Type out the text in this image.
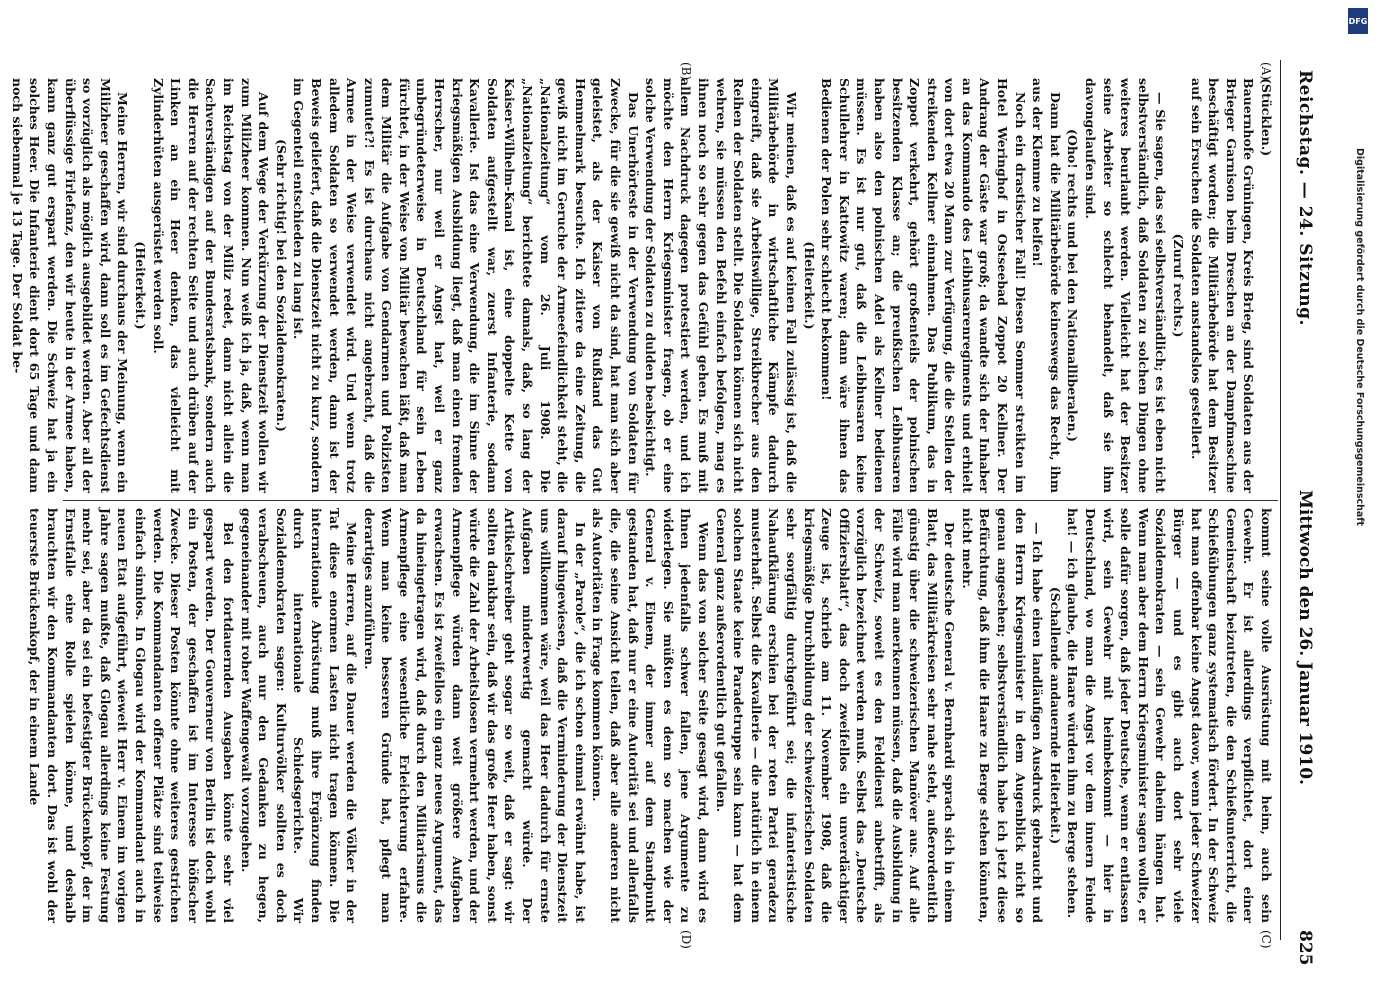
Reichstag. — 24. Sitzung.
Mittwoch den 26. Januar 1910.
825
(A)
(B)
(C)
(D)

(Stücklen.)

Bauernhofe Grüningen, Kreis Brieg, sind Soldaten aus der Brieger Garnison beim Dreschen an der Dampfmaschine beschäftigt worden; die Militärbehörde hat dem Besitzer auf sein Ersuchen die Soldaten anstandslos gestellert.

(Zuruf rechts.)

— Sie sagen, das sei selbstverständlich; es ist eben nicht selbstverständlich, daß Soldaten zu solchen Dingen ohne weiteres beurlaubt werden. Vielleicht hat der Besitzer seine Arbeiter so schlecht behandelt, daß sie ihm davongelaufen sind.

(Oho! rechts und bei den Nationalliberalen.)

Dann hat die Militärbehörde keineswegs das Recht, ihm aus der Klemme zu helfen!

Noch ein drastischer Fall! Diesen Sommer streikten im Hotel Weringhof in Ostseebad Zoppot 20 Kellner. Der Andrang der Gäste war groß; da wandte sich der Inhaber an das Kommando des Leibhusarenregiments und erhielt von dort etwa 20 Mann zur Verfügung, die die Stellen der streikenden Kellner einnahmen. Das Publikum, das in Zoppot verkehrt, gehört großenteils der polnischen besitzenden Klasse an; die preußischen Leibhusaren haben also den polnischen Adel als Kellner bedienen müssen. Es ist nur gut, daß die Leibhusaren keine Schullehrer in Kattowitz waren; dann wäre ihnen das Bedienen der Polen sehr schlecht bekommen!

(Heiterkeit.)

Wir meinen, daß es auf keinen Fall zulässig ist, daß die Militärbehörde in wirtschaftliche Kämpfe dadurch eingreift, daß sie Arbeitswillige, Streikbrecher aus den Reihen der Soldaten stellt. Die Soldaten können sich nicht wehren, sie müssen den Befehl einfach befolgen, mag es ihnen noch so sehr gegen das Gefühl gehen. Es muß mit allem Nachdruck dagegen protestiert werden, und ich möchte den Herrn Kriegsminister fragen, ob er eine solche Verwendung der Soldaten zu dulden beabsichtigt.

Das Unerhörteste in der Verwendung von Soldaten für Zwecke, für die sie gewiß nicht da sind, hat man sich aber geleistet, als der Kaiser von Rußland das Gut Hemmelmark besuchte. Ich zitiere da eine Zeitung, die gewiß nicht im Geruche der Armeefeindlichkeit steht, die „Nationalzeitung“ vom 26. Juli 1908. Die „Nationalzeitung“ berichtete damals, daß, so lang der Kaiser-Wilhelm-Kanal ist, eine doppelte Kette von Soldaten aufgestellt war, zuerst Infanterie, sodann Kavallerie. Ist das eine Verwendung, die im Sinne der kriegsmäßigen Ausbildung liegt, daß man einen fremden Herrscher, nur weil er Angst hat, weil er ganz unbegründeterweise in Deutschland für sein Leben fürchtet, in der Weise von Militär bewachen läßt, daß man dem Militär die Aufgabe von Gendarmen und Polizisten zumutet?! Es ist durchaus nicht angebracht, daß die Armee in der Weise verwendet wird. Und wenn trotz alledem Soldaten so verwendet werden, dann ist der Beweis geliefert, daß die Dienstzeit nicht zu kurz, sondern im Gegenteil entschieden zu lang ist.

(Sehr richtig! bei den Sozialdemokraten.)

Auf dem Wege der Verkürzung der Dienstzeit wollen wir zum Milizheer kommen. Nun weiß ich ja, daß, wenn man im Reichstag von der Miliz redet, dann nicht allein die Sachverständigen auf der Bundesratsbank, sondern auch die Herren auf der rechten Seite und auch drüben auf der Linken an ein Heer denken, das vielleicht mit Zylinderhüten ausgerüstet werden soll.

(Heiterkeit.)

Meine Herren, wir sind durchaus der Meinung, wenn ein Milizheer geschaffen wird, dann soll es im Gefechtsdienst so vorzüglich als möglich ausgebildet werden. Aber all der überflüssige Firlefanz, den wir heute in der Armee haben, kann ganz gut erspart werden. Die Schweiz hat ja ein solches Heer. Die Infanterie dient dort 65 Tage und dann noch siebenmal je 13 Tage. Der Soldat be-

kommt seine volle Ausrüstung mit heim, auch sein Gewehr. Er ist allerdings verpflichtet, dort einer Gemeinschaft beizutreten, die den Schießunterricht, die Schießübungen ganz systematisch fördert. In der Schweiz hat man offenbar keine Angst davor, wenn jeder Schweizer Bürger — und es gibt auch dort sehr viele Sozialdemokraten — sein Gewehr daheim hängen hat. Wenn man aber dem Herrn Kriegsminister sagen wollte, er solle dafür sorgen, daß jeder Deutsche, wenn er entlassen wird, sein Gewehr mit heimbekommt — hier in Deutschland, wo man die Angst vor dem innern Feinde hat! — ich glaube, die Haare würden ihm zu Berge stehen.

(Schallende andauernde Heiterkeit.)

— Ich habe einen landläufigen Ausdruck gebraucht und den Herrn Kriegsminister in dem Augenblick nicht so genau angesehen; selbstverständlich habe ich jetzt diese Befürchtung, daß ihm die Haare zu Berge stehen könnten, nicht mehr.

Der deutsche General v. Bernhardi sprach sich in einem Blatt, das Militärkreisen sehr nahe steht, außerordentlich günstig über die schweizerischen Manöver aus. Auf alle Fälle wird man anerkennen müssen, daß die Ausbildung in der Schweiz, soweit es den Felddienst anbetrifft, als vorzüglich bezeichnet werden muß. Selbst das „Deutsche Offiziersblatt“, das doch zweifellos ein unverdächtiger Zeuge ist, schrieb am 11. November 1908, daß die kriegsmäßige Durchbildung der schweizerischen Soldaten sehr sorgfältig durchgeführt sei; die infanteristische Nahaufklärung erschien bei der roten Partei geradezu musterhaft. Selbst die Kavallerie — die natürlich in einem solchen Staate keine Paradetruppe sein kann — hat dem General ganz außerordentlich gut gefallen.

Wenn das von solcher Seite gesagt wird, dann wird es Ihnen jedenfalls schwer fallen, jene Argumente zu widerlegen. Sie müßten es denn so machen wie der General v. Einem, der immer auf dem Standpunkt gestanden hat, daß nur er eine Autorität sei und allenfalls die, die seine Ansicht teilen, daß aber alle anderen nicht als Autoritäten in Frage kommen können.

In der „Parole“, die ich schon einmal erwähnt habe, ist darauf hingewiesen, daß die Verminderung der Dienstzeit uns willkommen wäre, weil das Heer dadurch für ernste Aufgaben minderwertig gemacht würde. Der Artikelschreiber geht sogar so weit, daß er sagt: wir sollten dankbar sein, daß wir das große Heer haben, sonst würde die Zahl der Arbeitslosen vermehrt werden, und der Armenpflege würden dann weit größere Aufgaben erwachsen. Es ist zweifellos ein ganz neues Argument, das da hineingetragen wird, daß durch den Militarismus die Armenpflege eine wesentliche Erleichterung erfahre. Wenn man keine besseren Gründe hat, pflegt man derartiges anzuführen.

Meine Herren, auf die Dauer werden die Völker in der Tat diese enormen Lasten nicht tragen können. Die internationale Abrüstung muß ihre Ergänzung finden durch internationale Schiedsgerichte. Wir Sozialdemokraten sagen: Kulturvölker sollten es doch verabscheuen, auch nur den Gedanken zu hegen, gegeneinander mit roher Waffengewalt vorzugehen.

Bei den fortdauernden Ausgaben könnte sehr viel gespart werden. Der Gouverneur von Berlin ist doch wohl ein Posten, der geschaffen ist im Interesse höfischer Zwecke. Dieser Posten könnte ohne weiteres gestrichen werden. Die Kommandanten offener Plätze sind teilweise einfach sinnlos. In Glogau wird der Kommandant auch in neuen Etat aufgeführt, wieweit Herr v. Einem im vorigen Jahre sagen mußte, daß Glogau allerdings keine Festung mehr sei, aber da sei ein befestigter Brückenkopf, der im Ernstfalle eine Rolle spielen könne, und deshalb brauchten wir den Kommandanten dort. Das ist wohl der teuerste Brückenkopf, der in einem Lande

DFG
Digitalisierung gefördert durch die Deutsche Forschungsgemeinschaft
